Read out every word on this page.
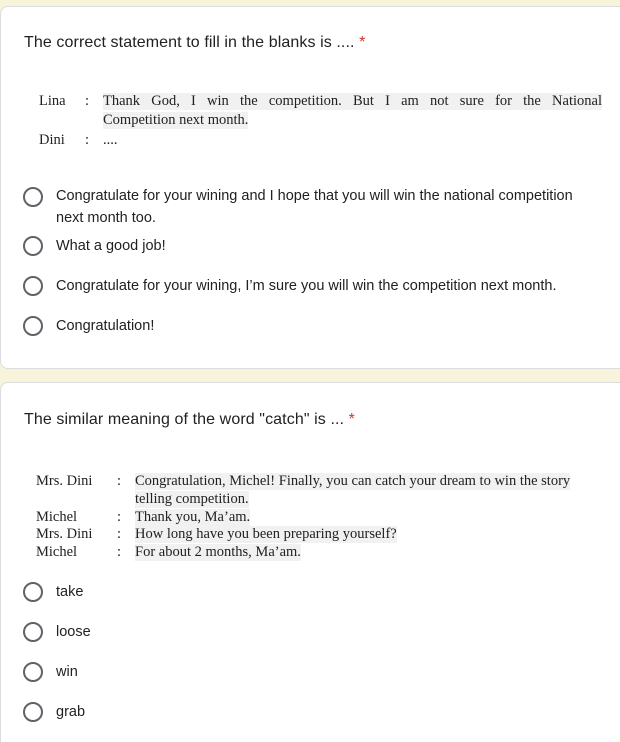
The correct statement to fill in the blanks is .... *
Lina : Thank God, I win the competition. But I am not sure for the National
Competition next month.
Dini : ....
Congratulate for your wining and I hope that you will win the national competition next month too.
What a good job!
Congratulate for your wining, I’m sure you will win the competition next month.
Congratulation!
The similar meaning of the word "catch" is ... *
Mrs. Dini : Congratulation, Michel! Finally, you can catch your dream to win the story
telling competition.
Michel	: Thank you, Ma’am.
Mrs. Dini : How long have you been preparing yourself?
Michel	: For about 2 months, Ma’am.
take
loose
win
grab
